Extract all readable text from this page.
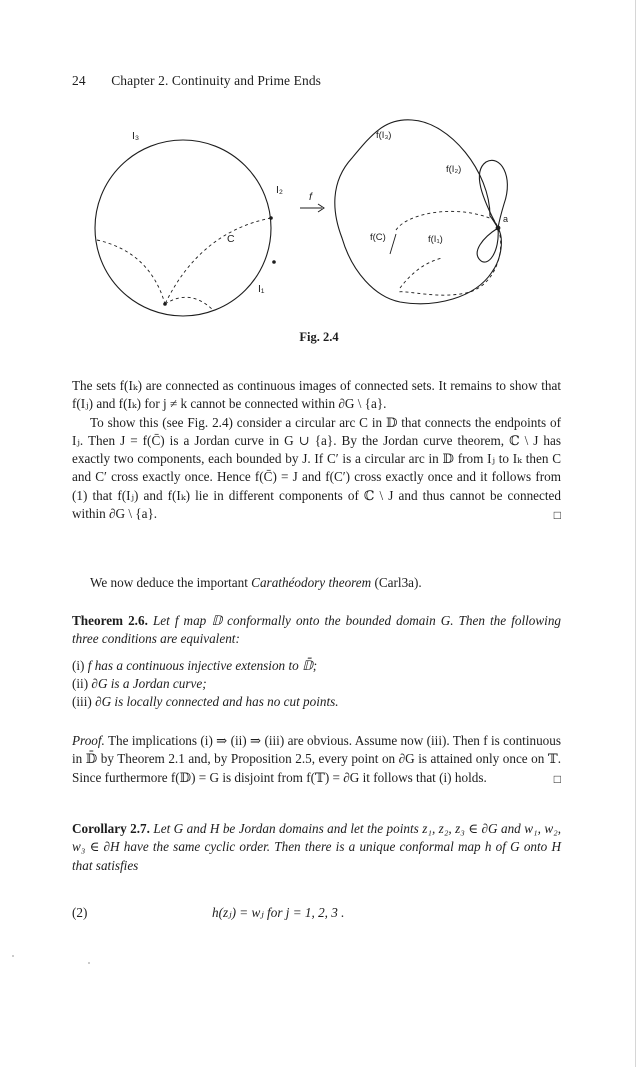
24 Chapter 2. Continuity and Prime Ends
I₃
I₂
C
I₁
f
f(I₃)
f(I₂)
f(C)	f(I₁)
a
Fig. 2.4

The sets f(Iₖ) are connected as continuous images of connected sets. It remains to show that f(Iⱼ) and f(Iₖ) for j ≠ k cannot be connected within ∂G \ {a}.

To show this (see Fig. 2.4) consider a circular arc C in 𝔻 that connects the endpoints of Iⱼ. Then J = f(C̄) is a Jordan curve in G ∪ {a}. By the Jordan curve theorem, ℂ \ J has exactly two components, each bounded by J. If C′ is a circular arc in 𝔻 from Iⱼ to Iₖ then C and C′ cross exactly once. Hence f(C̄) = J and f(C′) cross exactly once and it follows from (1) that f(Iⱼ) and f(Iₖ) lie in different components of ℂ \ J and thus cannot be connected within ∂G \ {a}.	□

We now deduce the important Carathéodory theorem (Carl3a).

Theorem 2.6. Let f map 𝔻 conformally onto the bounded domain G. Then the following three conditions are equivalent:

(i) f has a continuous injective extension to 𝔻̄;
(ii) ∂G is a Jordan curve;
(iii) ∂G is locally connected and has no cut points.

Proof. The implications (i) ⇒ (ii) ⇒ (iii) are obvious. Assume now (iii). Then f is continuous in 𝔻̄ by Theorem 2.1 and, by Proposition 2.5, every point on ∂G is attained only once on 𝕋. Since furthermore f(𝔻) = G is disjoint from f(𝕋) = ∂G it follows that (i) holds.	□

Corollary 2.7. Let G and H be Jordan domains and let the points z₁, z₂, z₃ ∈ ∂G and w₁, w₂, w₃ ∈ ∂H have the same cyclic order. Then there is a unique conformal map h of G onto H that satisfies

(2)	h(zⱼ) = wⱼ for j = 1, 2, 3 .
